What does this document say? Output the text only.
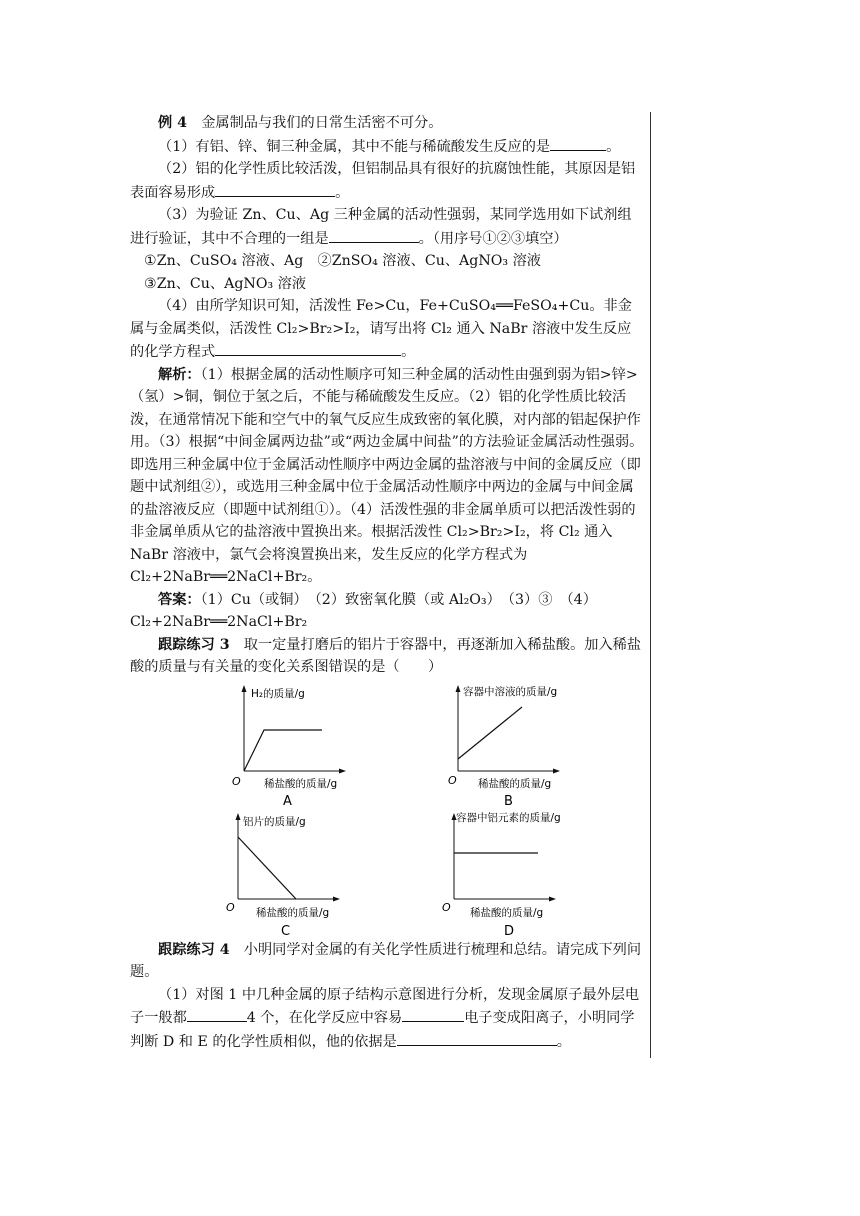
例 4　 金属制品与我们的日常生活密不可分。

（1）有铝、锌、铜三种金属，其中不能与稀硫酸发生反应的是	。

（2）铝的化学性质比较活泼，但铝制品具有很好的抗腐蚀性能，其原因是铝表面容易形成	。

（3）为验证 Zn、Cu、Ag 三种金属的活动性强弱，某同学选用如下试剂组进行验证，其中不合理的一组是	。（用序号①②③填空）

①Zn、CuSO₄ 溶液、Ag　 ②ZnSO₄ 溶液、Cu、AgNO₃ 溶液

③Zn、Cu、AgNO₃ 溶液

（4）由所学知识可知，活泼性 Fe>Cu，Fe+CuSO₄══FeSO₄+Cu。非金属与金属类似，活泼性 Cl₂>Br₂>I₂，请写出将 Cl₂ 通入 NaBr 溶液中发生反应的化学方程式	。

解析：（1）根据金属的活动性顺序可知三种金属的活动性由强到弱为铝>锌>（氢）>铜，铜位于氢之后，不能与稀硫酸发生反应。（2）铝的化学性质比较活泼，在通常情况下能和空气中的氧气反应生成致密的氧化膜，对内部的铝起保护作用。（3）根据“中间金属两边盐”或“两边金属中间盐”的方法验证金属活动性强弱。即选用三种金属中位于金属活动性顺序中两边金属的盐溶液与中间的金属反应（即题中试剂组②），或选用三种金属中位于金属活动性顺序中两边的金属与中间金属的盐溶液反应（即题中试剂组①）。（4）活泼性强的非金属单质可以把活泼性弱的非金属单质从它的盐溶液中置换出来。根据活泼性 Cl₂>Br₂>I₂，将 Cl₂ 通入 NaBr 溶液中，氯气会将溴置换出来，发生反应的化学方程式为 Cl₂+2NaBr══2NaCl+Br₂。

答案：（1）Cu（或铜）　（2）致密氧化膜（或 Al₂O₃）　（3）③　（4）Cl₂+2NaBr══2NaCl+Br₂

跟踪练习 3　 取一定量打磨后的铝片于容器中，再逐渐加入稀盐酸。加入稀盐酸的质量与有关量的变化关系图错误的是（　　）

H₂的质量/g
O 稀盐酸的质量/g
A
容器中溶液的质量/g
O 稀盐酸的质量/g
B
铝片的质量/g
O 稀盐酸的质量/g
C
容器中铝元素的质量/g
O 稀盐酸的质量/g
D

跟踪练习 4　 小明同学对金属的有关化学性质进行梳理和总结。请完成下列问题。

（1）对图 1 中几种金属的原子结构示意图进行分析，发现金属原子最外层电子一般都	4 个，在化学反应中容易	电子变成阳离子，小明同学判断 D 和 E 的化学性质相似，他的依据是	。
